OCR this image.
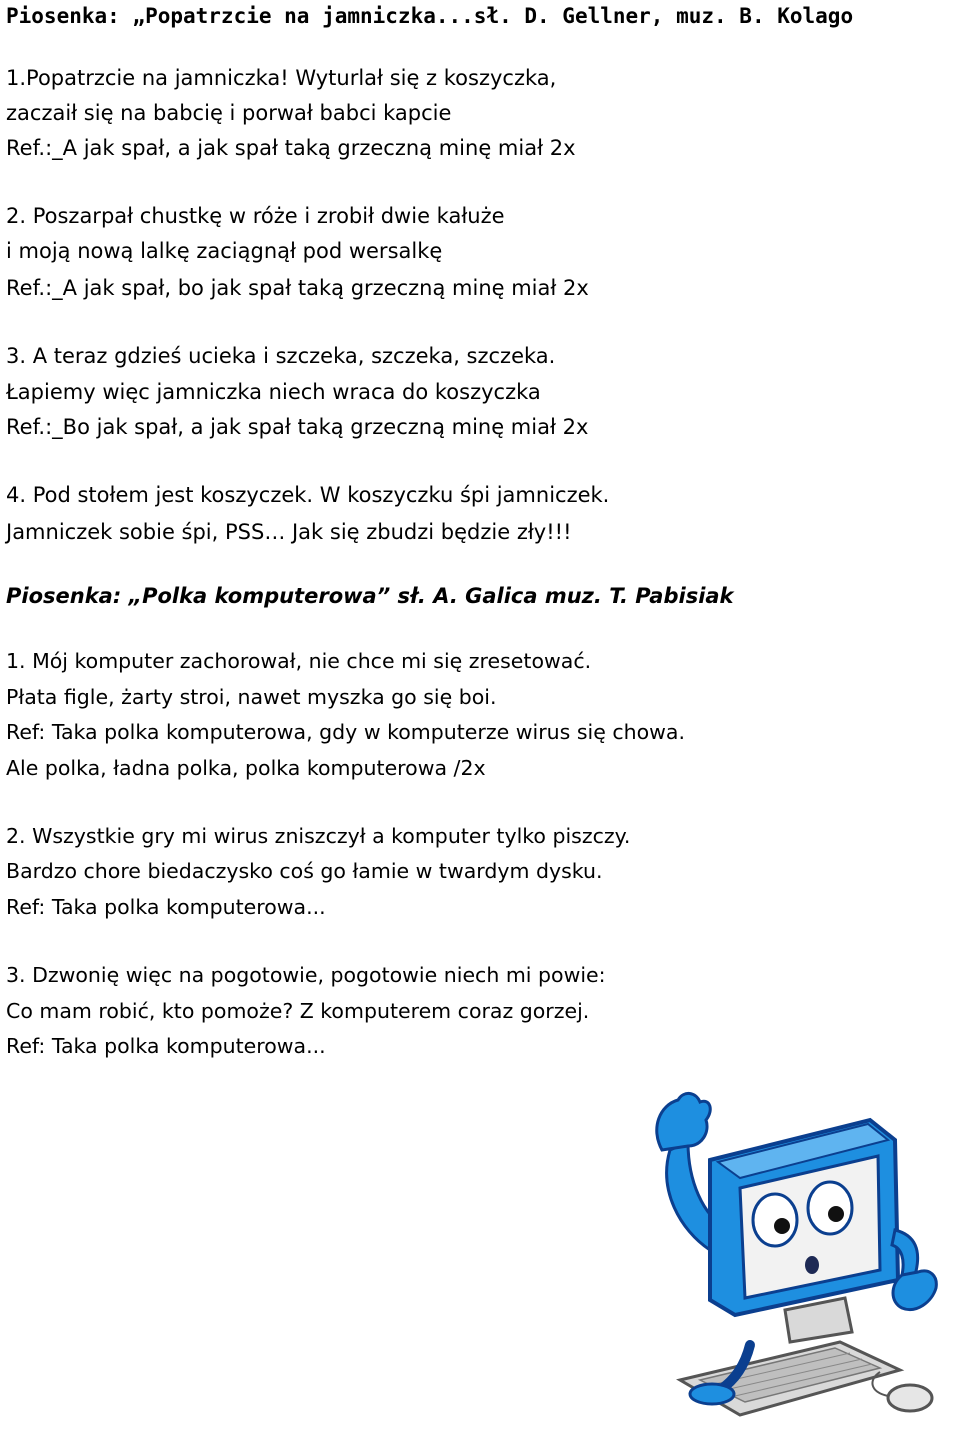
Piosenka: „Popatrzcie na jamniczka...sł. D. Gellner, muz. B. Kolago
1.Popatrzcie na jamniczka! Wyturlał się z koszyczka,
zaczaił się na babcię i porwał babci kapcie
Ref.:_A jak spał, a jak spał taką grzeczną minę miał 2x
2. Poszarpał chustkę w róże i zrobił dwie kałuże
i moją nową lalkę zaciągnął pod wersalkę
Ref.:_A jak spał, bo jak spał taką grzeczną minę miał 2x
3. A teraz gdzieś ucieka i szczeka, szczeka, szczeka.
Łapiemy więc jamniczka niech wraca do koszyczka
Ref.:_Bo jak spał, a jak spał taką grzeczną minę miał 2x
4. Pod stołem jest koszyczek. W koszyczku śpi jamniczek.
Jamniczek sobie śpi, PSS… Jak się zbudzi będzie zły!!!
Piosenka: „Polka komputerowa” sł. A. Galica muz. T. Pabisiak
1. Mój komputer zachorował, nie chce mi się zresetować.
Płata figle, żarty stroi, nawet myszka go się boi.
Ref: Taka polka komputerowa, gdy w komputerze wirus się chowa.
Ale polka, ładna polka, polka komputerowa /2x
2. Wszystkie gry mi wirus zniszczył a komputer tylko piszczy.
Bardzo chore biedaczysko coś go łamie w twardym dysku.
Ref: Taka polka komputerowa...
3. Dzwonię więc na pogotowie, pogotowie niech mi powie:
Co mam robić, kto pomoże? Z komputerem coraz gorzej.
Ref: Taka polka komputerowa...
